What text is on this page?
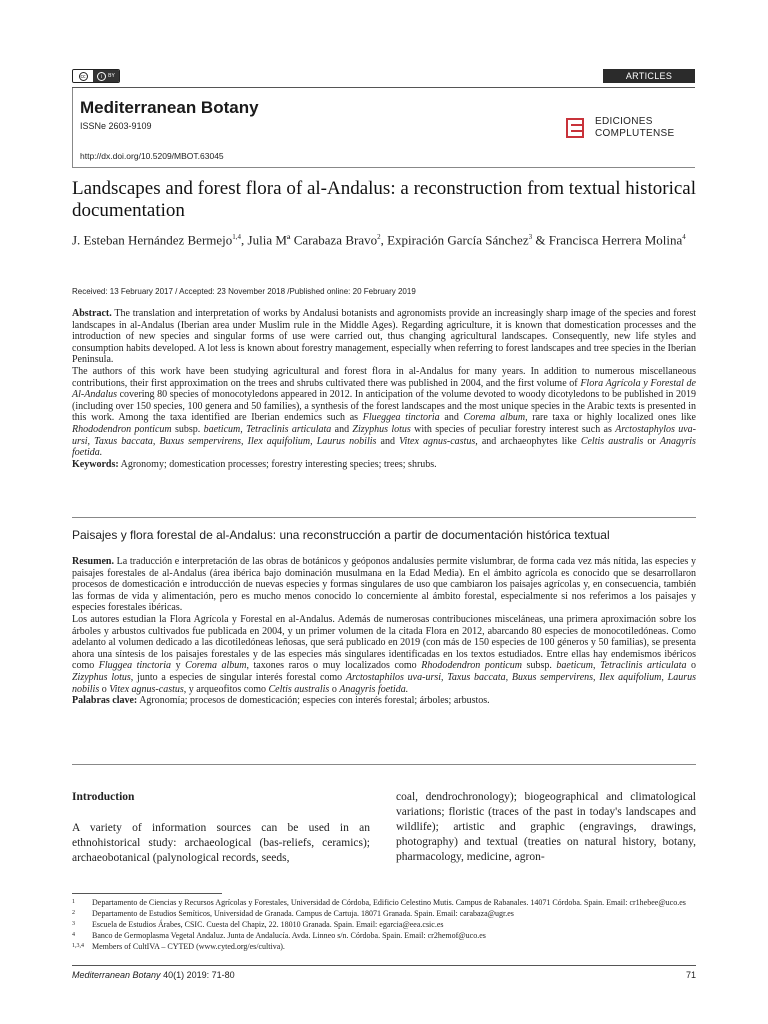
cc	i	BY	ARTICLES
Mediterranean Botany
ISSNe 2603-9109
http://dx.doi.org/10.5209/MBOT.63045
EDICIONES
COMPLUTENSE
Landscapes and forest flora of al-Andalus: a reconstruction from textual historical documentation
J. Esteban Hernández Bermejo$^{1,4}$, Julia Mª Carabaza Bravo$^2$, Expiración García Sánchez$^3$ & Francisca Herrera Molina$^4$
Received: 13 February 2017 / Accepted: 23 November 2018 /Published online: 20 February 2019

Abstract. The translation and interpretation of works by Andalusi botanists and agronomists provide an increasingly sharp image of the species and forest landscapes in al-Andalus (Iberian area under Muslim rule in the Middle Ages). Regarding agriculture, it is known that domestication processes and the introduction of new species and singular forms of use were carried out, thus changing agricultural landscapes. Consequently, new life styles and consumption habits developed. A lot less is known about forestry management, especially when referring to forest landscapes and tree species in the Iberian Peninsula.

The authors of this work have been studying agricultural and forest flora in al-Andalus for many years. In addition to numerous miscellaneous contributions, their first approximation on the trees and shrubs cultivated there was published in 2004, and the first volume of Flora Agrícola y Forestal de Al-Andalus covering 80 species of monocotyledons appeared in 2012. In anticipation of the volume devoted to woody dicotyledons to be published in 2019 (including over 150 species, 100 genera and 50 families), a synthesis of the forest landscapes and the most unique species in the Arabic texts is presented in this work. Among the taxa identified are Iberian endemics such as Flueggea tinctoria and Corema album, rare taxa or highly localized ones like Rhododendron ponticum subsp. baeticum, Tetraclinis articulata and Zizyphus lotus with species of peculiar forestry interest such as Arctostaphylos uva-ursi, Taxus baccata, Buxus sempervirens, Ilex aquifolium, Laurus nobilis and Vitex agnus-castus, and archaeophytes like Celtis australis or Anagyris foetida.

Keywords: Agronomy; domestication processes; forestry interesting species; trees; shrubs.

Paisajes y flora forestal de al-Andalus: una reconstrucción a partir de documentación histórica textual

Resumen. La traducción e interpretación de las obras de botánicos y geóponos andalusíes permite vislumbrar, de forma cada vez más nítida, las especies y paisajes forestales de al-Andalus (área ibérica bajo dominación musulmana en la Edad Media). En el ámbito agrícola es conocido que se desarrollaron procesos de domesticación e introducción de nuevas especies y formas singulares de uso que cambiaron los paisajes agrícolas y, en consecuencia, también las formas de vida y alimentación, pero es mucho menos conocido lo concerniente al ámbito forestal, especialmente si nos referimos a los paisajes y especies forestales ibéricas.

Los autores estudian la Flora Agrícola y Forestal en al-Andalus. Además de numerosas contribuciones misceláneas, una primera aproximación sobre los árboles y arbustos cultivados fue publicada en 2004, y un primer volumen de la citada Flora en 2012, abarcando 80 especies de monocotiledóneas. Como adelanto al volumen dedicado a las dicotiledóneas leñosas, que será publicado en 2019 (con más de 150 especies de 100 géneros y 50 familias), se presenta ahora una síntesis de los paisajes forestales y de las especies más singulares identificadas en los textos estudiados. Entre ellas hay endemismos ibéricos como Fluggea tinctoria y Corema album, taxones raros o muy localizados como Rhododendron ponticum subsp. baeticum, Tetraclinis articulata o Zizyphus lotus, junto a especies de singular interés forestal como Arctostaphilos uva-ursi, Taxus baccata, Buxus sempervirens, Ilex aquifolium, Laurus nobilis o Vitex agnus-castus, y arqueofitos como Celtis australis o Anagyris foetida.

Palabras clave: Agronomía; procesos de domesticación; especies con interés forestal; árboles; arbustos.

Introduction

A variety of information sources can be used in an ethnohistorical study: archaeological (bas-reliefs, ceramics); archaeobotanical (palynological records, seeds,

coal, dendrochronology); biogeographical and climatological variations; floristic (traces of the past in today's landscapes and wildlife); artistic and graphic (engravings, drawings, photography) and textual (treaties on natural history, botany, pharmacology, medicine, agron-

1	Departamento de Ciencias y Recursos Agrícolas y Forestales, Universidad de Córdoba, Edificio Celestino Mutis. Campus de Rabanales. 14071 Córdoba. Spain. Email: cr1hebee@uco.es
2	Departamento de Estudios Semíticos, Universidad de Granada. Campus de Cartuja. 18071 Granada. Spain. Email: carabaza@ugr.es
3	Escuela de Estudios Árabes, CSIC. Cuesta del Chapiz, 22. 18010 Granada. Spain. Email: egarcia@eea.csic.es
4	Banco de Germoplasma Vegetal Andaluz. Junta de Andalucía. Avda. Linneo s/n. Córdoba. Spain. Email: cr2hemof@uco.es
1,3,4	Members of CultIVA – CYTED (www.cyted.org/es/cultiva).
Mediterranean Botany 40(1) 2019: 71-80	71
